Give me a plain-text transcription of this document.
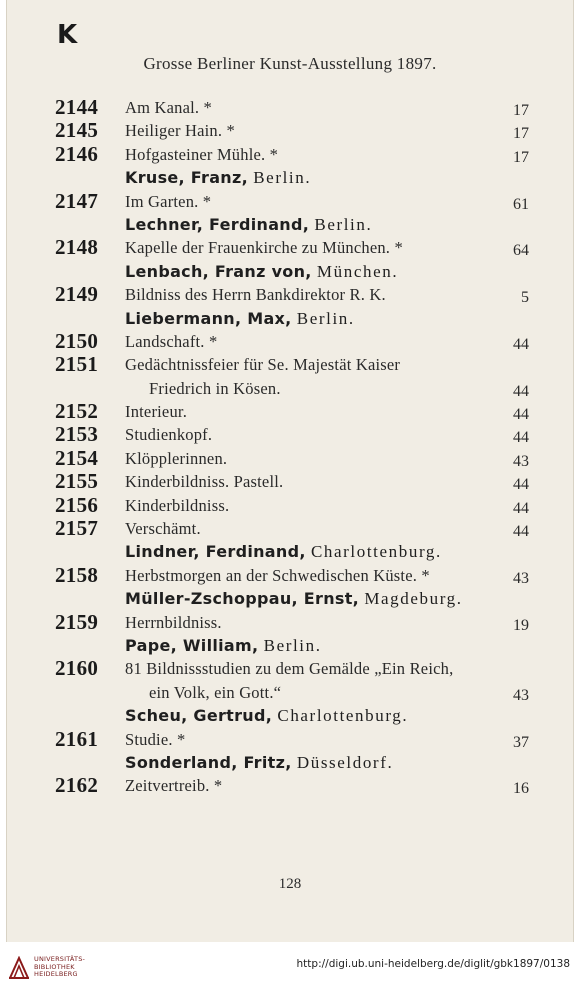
K
Grosse Berliner Kunst-Ausstellung 1897.
2144	Am Kanal. *	17
2145	Heiliger Hain. *	17
2146	Hofgasteiner Mühle. *	17
Kruse, Franz, Berlin.
2147	Im Garten. *	61
Lechner, Ferdinand, Berlin.
2148	Kapelle der Frauenkirche zu München. *	64
Lenbach, Franz von, München.
2149	Bildniss des Herrn Bankdirektor R. K.	5
Liebermann, Max, Berlin.
2150	Landschaft. *	44
2151	Gedächtnissfeier für Se. Majestät Kaiser
Friedrich in Kösen.	44
2152	Interieur.	44
2153	Studienkopf.	44
2154	Klöpplerinnen.	43
2155	Kinderbildniss. Pastell.	44
2156	Kinderbildniss.	44
2157	Verschämt.	44
Lindner, Ferdinand, Charlottenburg.
2158	Herbstmorgen an der Schwedischen Küste. *	43
Müller-Zschoppau, Ernst, Magdeburg.
2159	Herrnbildniss.	19
Pape, William, Berlin.
2160	81 Bildnissstudien zu dem Gemälde „Ein Reich,
ein Volk, ein Gott.“	43
Scheu, Gertrud, Charlottenburg.
2161	Studie. *	37
Sonderland, Fritz, Düsseldorf.
2162	Zeitvertreib. *	16
128
UNIVERSITÄTS-
BIBLIOTHEK
HEIDELBERG
http://digi.ub.uni-heidelberg.de/diglit/gbk1897/0138
